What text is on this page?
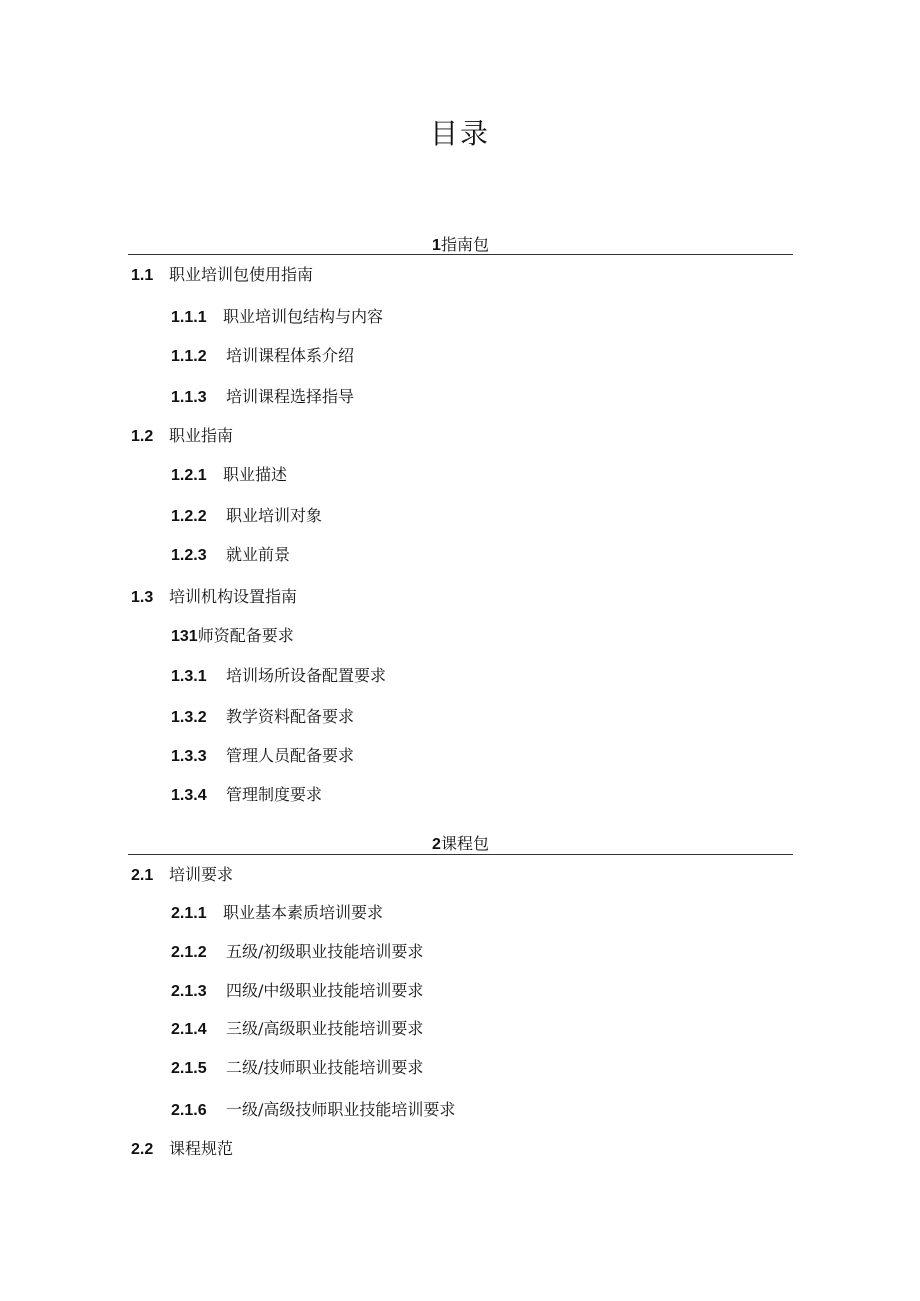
目录
1指南包
1.1 职业培训包使用指南
1.1.1 职业培训包结构与内容
1.1.2 培训课程体系介绍
1.1.3 培训课程选择指导
1.2 职业指南
1.2.1 职业描述
1.2.2 职业培训对象
1.2.3 就业前景
1.3 培训机构设置指南
131师资配备要求
1.3.1 培训场所设备配置要求
1.3.2 教学资料配备要求
1.3.3 管理人员配备要求
1.3.4 管理制度要求
2课程包
2.1 培训要求
2.1.1 职业基本素质培训要求
2.1.2 五级/初级职业技能培训要求
2.1.3 四级/中级职业技能培训要求
2.1.4 三级/高级职业技能培训要求
2.1.5 二级/技师职业技能培训要求
2.1.6 一级/高级技师职业技能培训要求
2.2 课程规范
